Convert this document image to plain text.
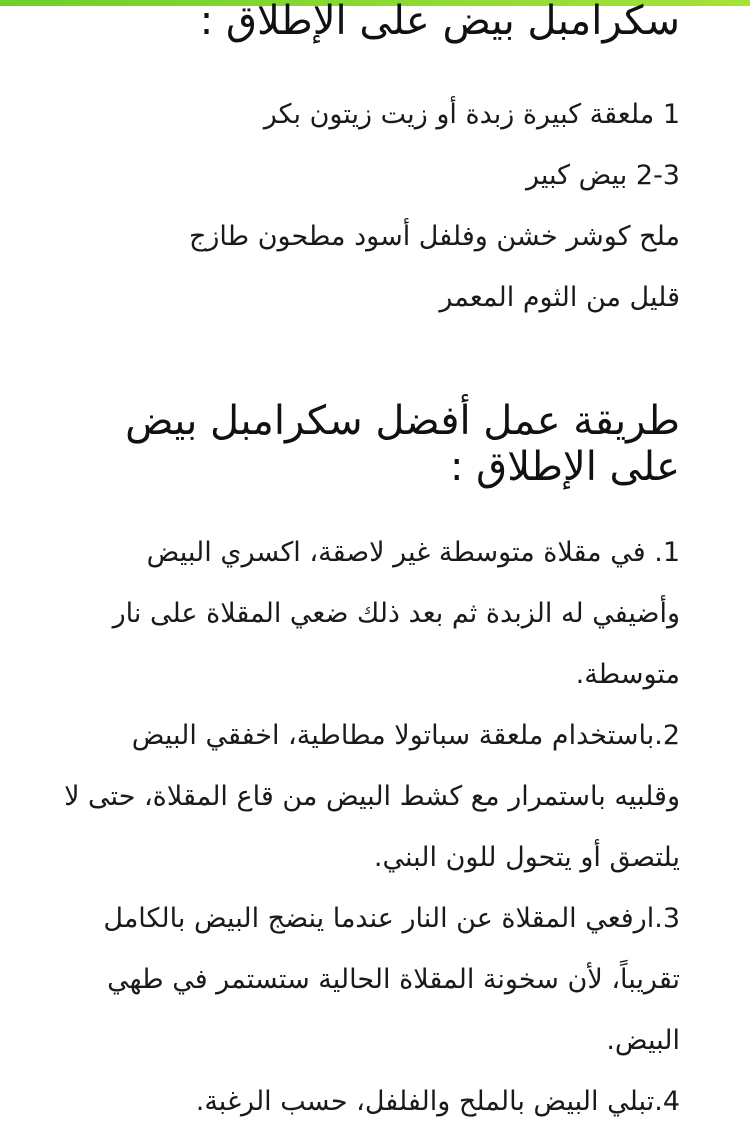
سكرامبل بيض على الإطلاق :
1 ملعقة كبيرة زبدة أو زيت زيتون بكر
2-3 بيض كبير
ملح كوشر خشن وفلفل أسود مطحون طازج
قليل من الثوم المعمر
طريقة عمل أفضل سكرامبل بيض على الإطلاق :
1. في مقلاة متوسطة غير لاصقة، اكسري البيض وأضيفي له الزبدة ثم بعد ذلك ضعي المقلاة على نار متوسطة.
2.باستخدام ملعقة سباتولا مطاطية، اخفقي البيض وقلبيه باستمرار مع كشط البيض من قاع المقلاة، حتى لا يلتصق أو يتحول للون البني.
3.ارفعي المقلاة عن النار عندما ينضج البيض بالكامل تقريباً، لأن سخونة المقلاة الحالية ستستمر في طهي البيض.
4.تبلي البيض بالملح والفلفل، حسب الرغبة.
